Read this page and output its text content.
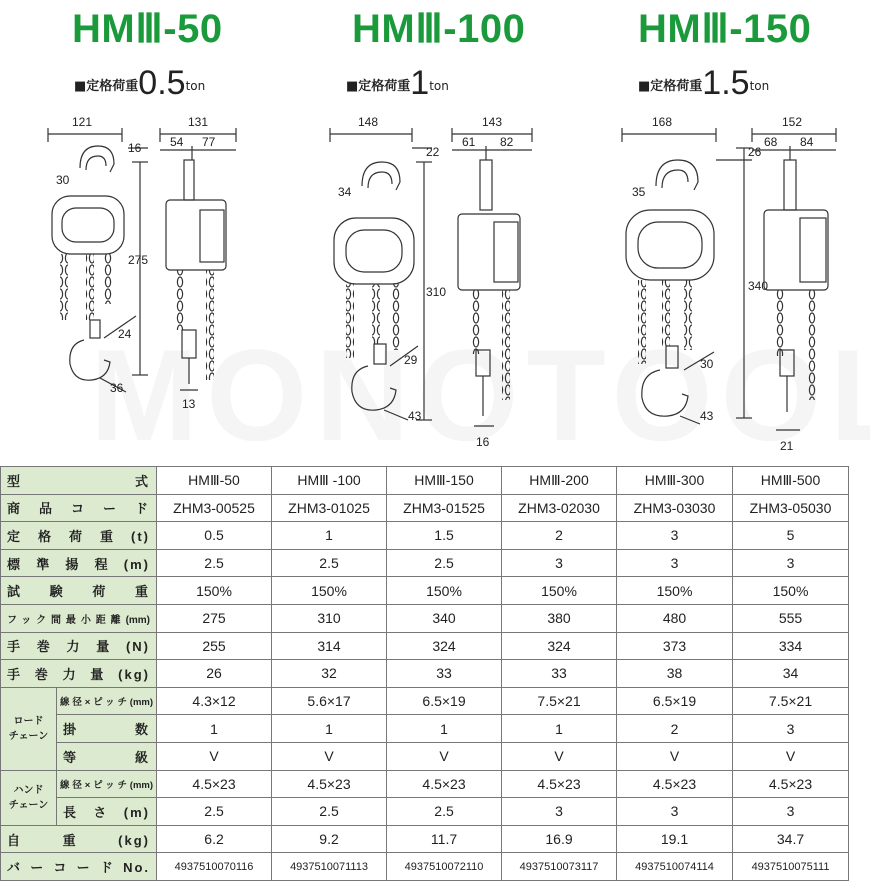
HMⅢ-50	HMⅢ-100	HMⅢ-150
■定格荷重0.5ton	■定格荷重1ton	■定格荷重1.5ton
121
16
30
275
24
36
131
54 77
13
148
22
34
310
29
43
143
61 82
16
168
26
35
340
30
43
152
68 84
21
型　　式		HMⅢ-50	HMⅢ -100	HMⅢ-150	HMⅢ-200	HMⅢ-300	HMⅢ-500
商品コード		ZHM3-00525	ZHM3-01025	ZHM3-01525	ZHM3-02030	ZHM3-03030	ZHM3-05030
定格荷重(t)		0.5	1	1.5	2	3	5
標準揚程(m)		2.5	2.5	2.5	3	3	3
試験荷重		150%	150%	150%	150%	150%	150%
フック間最小距離(mm)		275	310	340	380	480	555
手巻力量(N)		255	314	324	324	373	334
手巻力量(kg)		26	32	33	33	38	34
ロード
チェーン	線径×ピッチ(mm)	4.3×12	5.6×17	6.5×19	7.5×21	6.5×19	7.5×21
	掛数	1	1	1	1	2	3
	等級	V	V	V	V	V	V
ハンド
チェーン	線径×ピッチ(mm)	4.5×23	4.5×23	4.5×23	4.5×23	4.5×23	4.5×23
	長さ(m)	2.5	2.5	2.5	3	3	3
自重(kg)		6.2	9.2	11.7	16.9	19.1	34.7
バーコードNo.		4937510070116	4937510071113	4937510072110	4937510073117	4937510074114	4937510075111
